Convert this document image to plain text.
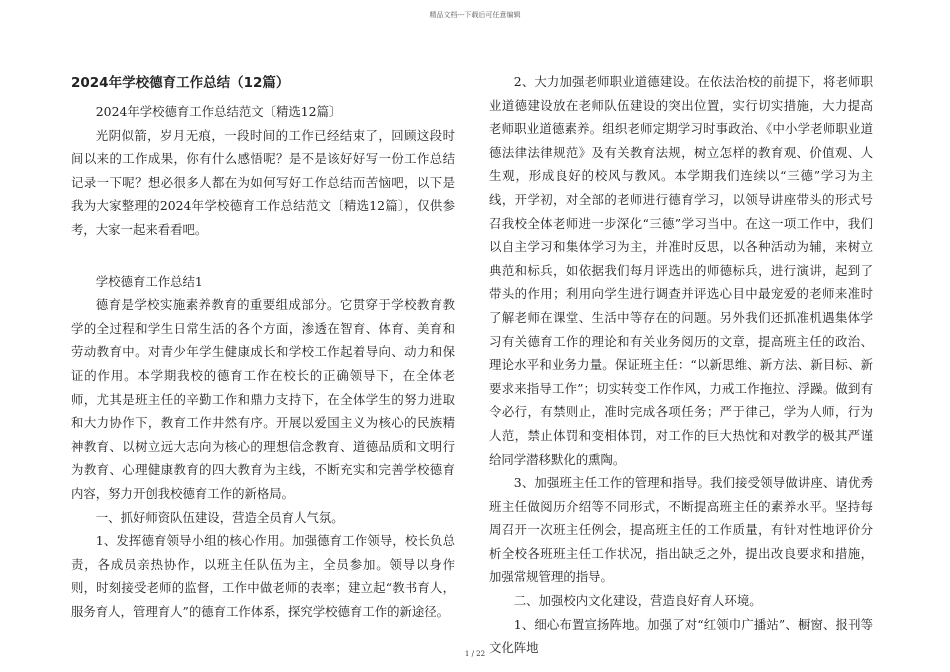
精品文档---下载后可任意编辑
2024年学校德育工作总结（12篇）

2024年学校德育工作总结范文〔精选12篇〕

光阴似箭，岁月无痕，一段时间的工作已经结束了，回顾这段时间以来的工作成果，你有什么感悟呢？是不是该好好写一份工作总结记录一下呢？想必很多人都在为如何写好工作总结而苦恼吧，以下是我为大家整理的2024年学校德育工作总结范文〔精选12篇〕，仅供参考，大家一起来看看吧。

学校德育工作总结1

德育是学校实施素养教育的重要组成部分。它贯穿于学校教育教学的全过程和学生日常生活的各个方面，渗透在智育、体育、美育和劳动教育中。对青少年学生健康成长和学校工作起着导向、动力和保证的作用。本学期我校的德育工作在校长的正确领导下，在全体老师，尤其是班主任的辛勤工作和鼎力支持下，在全体学生的努力进取和大力协作下，教育工作井然有序。开展以爱国主义为核心的民族精神教育、以树立远大志向为核心的理想信念教育、道德品质和文明行为教育、心理健康教育的四大教育为主线，不断充实和完善学校德育内容，努力开创我校德育工作的新格局。

一、抓好师资队伍建设，营造全员育人气氛。

1、发挥德育领导小组的核心作用。加强德育工作领导，校长负总责，各成员亲热协作，以班主任队伍为主，全员参加。领导以身作则，时刻接受老师的监督，工作中做老师的表率；建立起“教书育人，服务育人，管理育人”的德育工作体系，探究学校德育工作的新途径。

2、大力加强老师职业道德建设。在依法治校的前提下，将老师职业道德建设放在老师队伍建设的突出位置，实行切实措施，大力提高老师职业道德素养。组织老师定期学习时事政治、《中小学老师职业道德法律法律规范》及有关教育法规，树立怎样的教育观、价值观、人生观，形成良好的校风与教风。本学期我们连续以“三德”学习为主线，开学初，对全部的老师进行德育学习，以领导讲座带头的形式号召我校全体老师进一步深化“三德”学习当中。在这一项工作中，我们以自主学习和集体学习为主，并准时反思，以各种活动为辅，来树立典范和标兵，如依据我们每月评选出的师德标兵，进行演讲，起到了带头的作用；利用向学生进行调查并评选心目中最宠爱的老师来准时了解老师在课堂、生活中等存在的问题。另外我们还抓准机遇集体学习有关德育工作的理论和有关业务阅历的文章，提高班主任的政治、理论水平和业务力量。保证班主任：“以新思维、新方法、新目标、新要求来指导工作”；切实转变工作作风，力戒工作拖拉、浮躁。做到有令必行，有禁则止，准时完成各项任务；严于律己，学为人师，行为人范，禁止体罚和变相体罚，对工作的巨大热忱和对教学的极其严谨给同学潜移默化的熏陶。

3、加强班主任工作的管理和指导。我们接受领导做讲座、请优秀班主任做阅历介绍等不同形式，不断提高班主任的素养水平。坚持每周召开一次班主任例会，提高班主任的工作质量，有针对性地评价分析全校各班班主任工作状况，指出缺乏之外，提出改良要求和措施，加强常规管理的指导。

二、加强校内文化建设，营造良好育人环境。

1、细心布置宣扬阵地。加强了对“红领巾广播站”、橱窗、报刊等文化阵地

1 / 22
